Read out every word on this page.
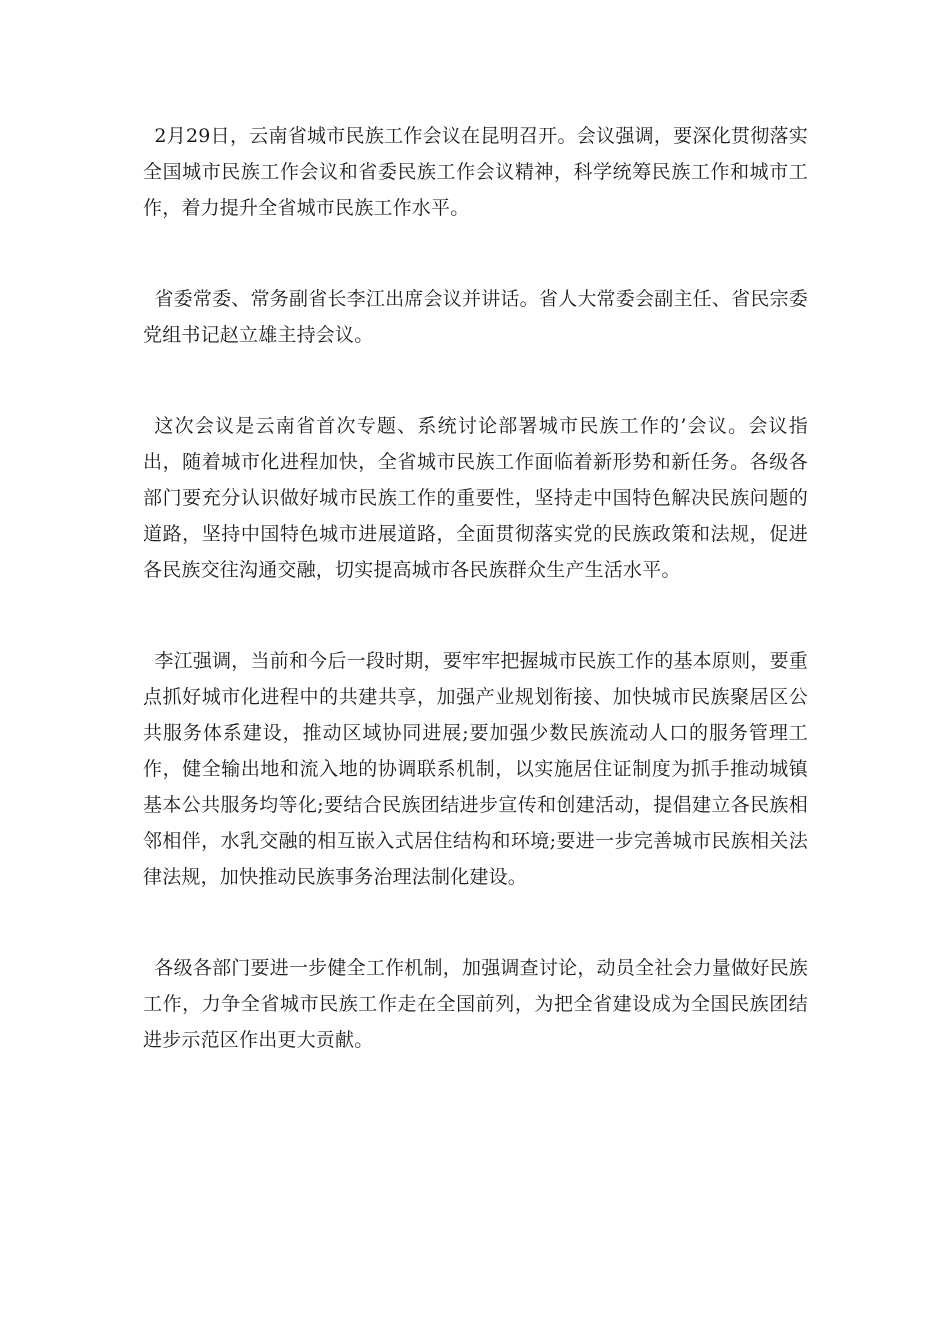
2月29日，云南省城市民族工作会议在昆明召开。会议强调，要深化贯彻落实全国城市民族工作会议和省委民族工作会议精神，科学统筹民族工作和城市工作，着力提升全省城市民族工作水平。

省委常委、常务副省长李江出席会议并讲话。省人大常委会副主任、省民宗委党组书记赵立雄主持会议。

这次会议是云南省首次专题、系统讨论部署城市民族工作的’会议。会议指出，随着城市化进程加快，全省城市民族工作面临着新形势和新任务。各级各部门要充分认识做好城市民族工作的重要性，坚持走中国特色解决民族问题的道路，坚持中国特色城市进展道路，全面贯彻落实党的民族政策和法规，促进各民族交往沟通交融，切实提高城市各民族群众生产生活水平。

李江强调，当前和今后一段时期，要牢牢把握城市民族工作的基本原则，要重点抓好城市化进程中的共建共享，加强产业规划衔接、加快城市民族聚居区公共服务体系建设，推动区域协同进展;要加强少数民族流动人口的服务管理工作，健全输出地和流入地的协调联系机制，以实施居住证制度为抓手推动城镇基本公共服务均等化;要结合民族团结进步宣传和创建活动，提倡建立各民族相邻相伴，水乳交融的相互嵌入式居住结构和环境;要进一步完善城市民族相关法律法规，加快推动民族事务治理法制化建设。

各级各部门要进一步健全工作机制，加强调查讨论，动员全社会力量做好民族工作，力争全省城市民族工作走在全国前列，为把全省建设成为全国民族团结进步示范区作出更大贡献。
